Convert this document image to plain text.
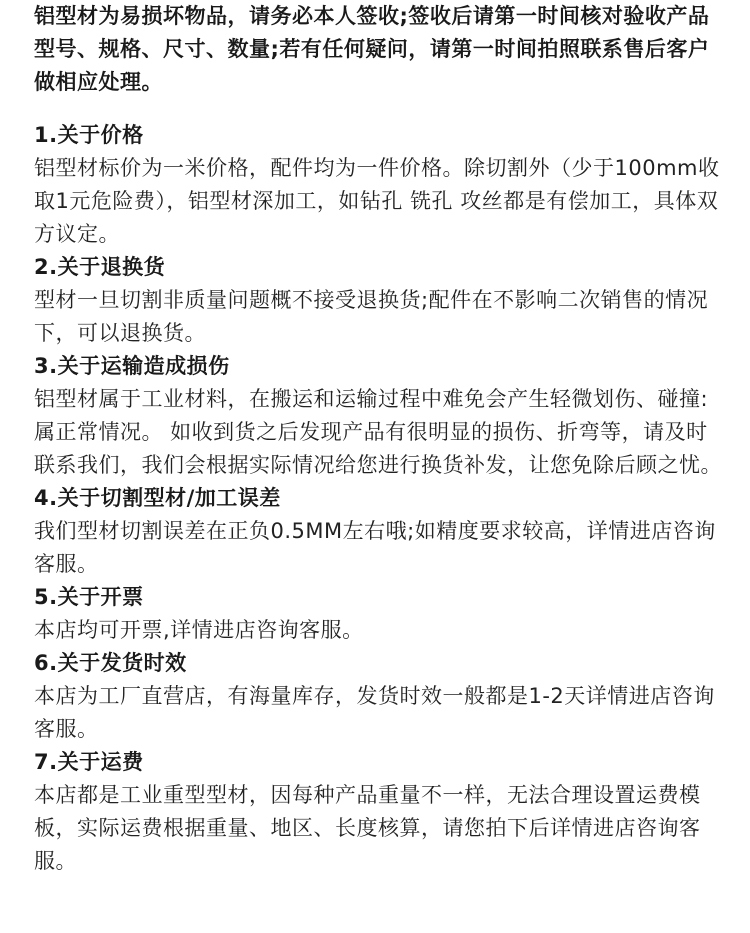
铝型材为易损坏物品，请务必本人签收;签收后请第一时间核对验收产品型号、规格、尺寸、数量;若有任何疑问，请第一时间拍照联系售后客户做相应处理。

1.关于价格

铝型材标价为一米价格，配件均为一件价格。除切割外（少于100mm收取1元危险费），铝型材深加工，如钻孔 铣孔 攻丝都是有偿加工，具体双方议定。

2.关于退换货

型材一旦切割非质量问题概不接受退换货;配件在不影响二次销售的情况下，可以退换货。

3.关于运输造成损伤

铝型材属于工业材料，在搬运和运输过程中难免会产生轻微划伤、碰撞:属正常情况。 如收到货之后发现产品有很明显的损伤、折弯等，请及时联系我们，我们会根据实际情况给您进行换货补发，让您免除后顾之忧。

4.关于切割型材/加工误差

我们型材切割误差在正负0.5MM左右哦;如精度要求较高，详情进店咨询客服。

5.关于开票

本店均可开票,详情进店咨询客服。

6.关于发货时效

本店为工厂直营店，有海量库存，发货时效一般都是1-2天详情进店咨询客服。

7.关于运费

本店都是工业重型型材，因每种产品重量不一样，无法合理设置运费模板，实际运费根据重量、地区、长度核算，请您拍下后详情进店咨询客服。
